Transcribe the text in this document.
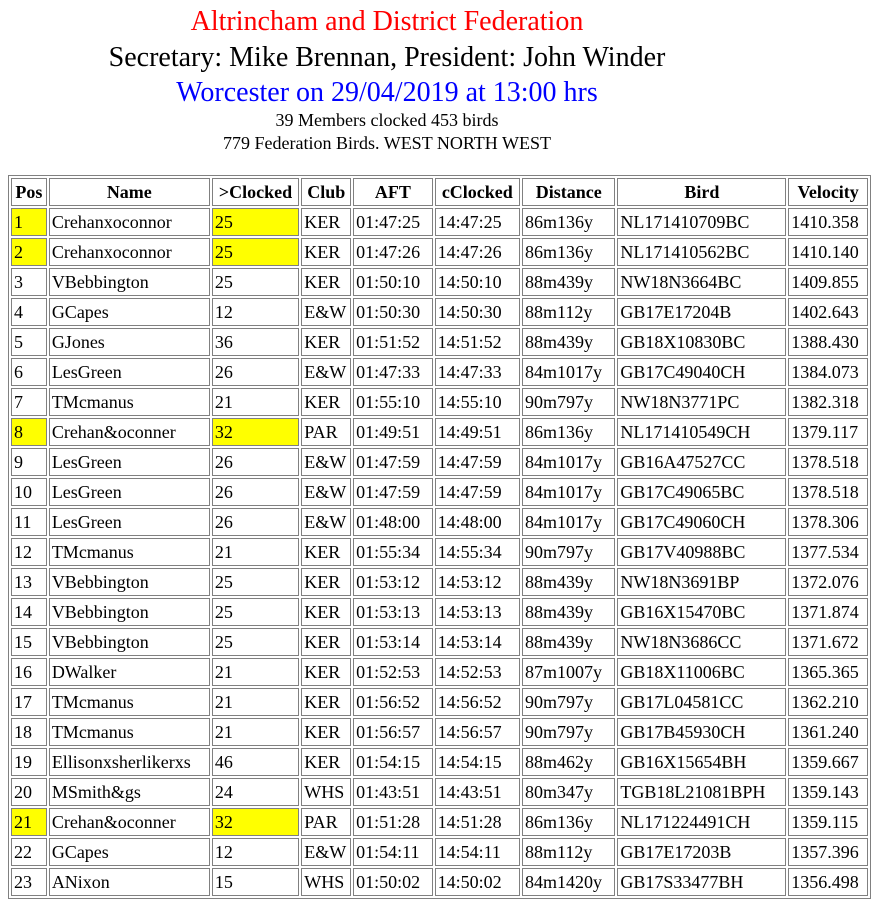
Altrincham and District Federation
Secretary: Mike Brennan, President: John Winder
Worcester on 29/04/2019 at 13:00 hrs
39 Members clocked 453 birds
779 Federation Birds. WEST NORTH WEST
Pos	Name	>Clocked	Club	AFT	cClocked	Distance	Bird	Velocity
1	Crehanxoconnor	25	KER	01:47:25	14:47:25	86m136y	NL171410709BC	1410.358
2	Crehanxoconnor	25	KER	01:47:26	14:47:26	86m136y	NL171410562BC	1410.140
3	VBebbington	25	KER	01:50:10	14:50:10	88m439y	NW18N3664BC	1409.855
4	GCapes	12	E&W	01:50:30	14:50:30	88m112y	GB17E17204B	1402.643
5	GJones	36	KER	01:51:52	14:51:52	88m439y	GB18X10830BC	1388.430
6	LesGreen	26	E&W	01:47:33	14:47:33	84m1017y	GB17C49040CH	1384.073
7	TMcmanus	21	KER	01:55:10	14:55:10	90m797y	NW18N3771PC	1382.318
8	Crehan&oconner	32	PAR	01:49:51	14:49:51	86m136y	NL171410549CH	1379.117
9	LesGreen	26	E&W	01:47:59	14:47:59	84m1017y	GB16A47527CC	1378.518
10	LesGreen	26	E&W	01:47:59	14:47:59	84m1017y	GB17C49065BC	1378.518
11	LesGreen	26	E&W	01:48:00	14:48:00	84m1017y	GB17C49060CH	1378.306
12	TMcmanus	21	KER	01:55:34	14:55:34	90m797y	GB17V40988BC	1377.534
13	VBebbington	25	KER	01:53:12	14:53:12	88m439y	NW18N3691BP	1372.076
14	VBebbington	25	KER	01:53:13	14:53:13	88m439y	GB16X15470BC	1371.874
15	VBebbington	25	KER	01:53:14	14:53:14	88m439y	NW18N3686CC	1371.672
16	DWalker	21	KER	01:52:53	14:52:53	87m1007y	GB18X11006BC	1365.365
17	TMcmanus	21	KER	01:56:52	14:56:52	90m797y	GB17L04581CC	1362.210
18	TMcmanus	21	KER	01:56:57	14:56:57	90m797y	GB17B45930CH	1361.240
19	Ellisonxsherlikerxs	46	KER	01:54:15	14:54:15	88m462y	GB16X15654BH	1359.667
20	MSmith&gs	24	WHS	01:43:51	14:43:51	80m347y	TGB18L21081BPH	1359.143
21	Crehan&oconner	32	PAR	01:51:28	14:51:28	86m136y	NL171224491CH	1359.115
22	GCapes	12	E&W	01:54:11	14:54:11	88m112y	GB17E17203B	1357.396
23	ANixon	15	WHS	01:50:02	14:50:02	84m1420y	GB17S33477BH	1356.498
